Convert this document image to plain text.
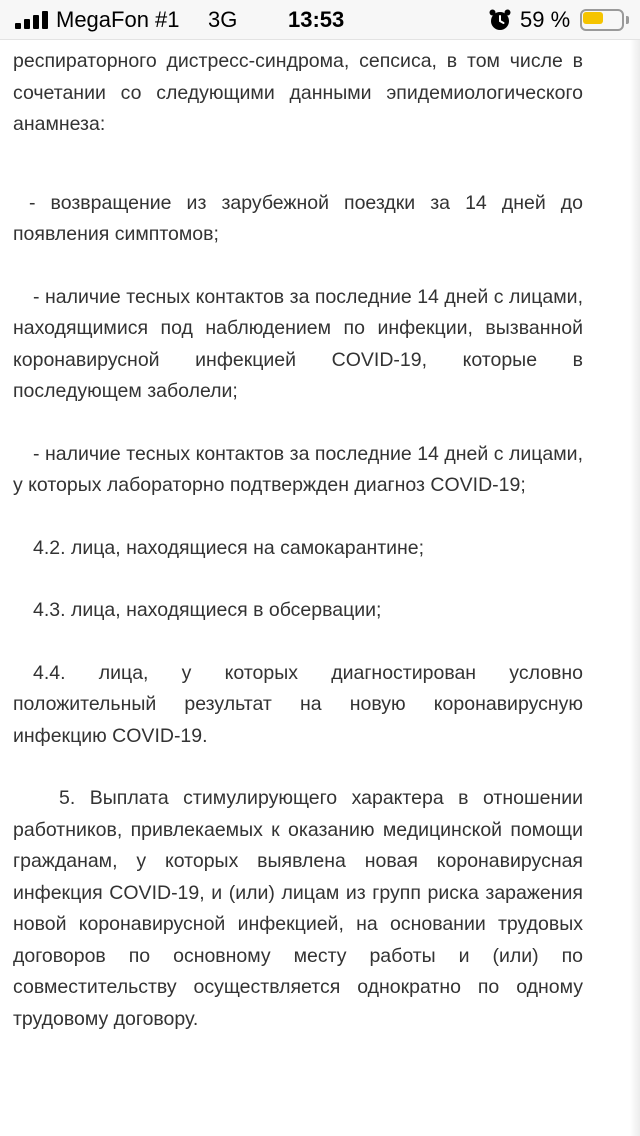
MegaFon #1 3G 13:53	59 %

респираторного дистресс-синдрома, сепсиса, в том числе в сочетании со следующими данными эпидемиологического анамнеза:

- возвращение из зарубежной поездки за 14 дней до появления симптомов;

- наличие тесных контактов за последние 14 дней с лицами, находящимися под наблюдением по инфекции, вызванной коронавирусной инфекцией COVID-19, которые в последующем заболели;

- наличие тесных контактов за последние 14 дней с лицами, у которых лабораторно подтвержден диагноз COVID-19;

4.2. лица, находящиеся на самокарантине;

4.3. лица, находящиеся в обсервации;

4.4. лица, у которых диагностирован условно положительный результат на новую коронавирусную инфекцию COVID-19.

5. Выплата стимулирующего характера в отношении работников, привлекаемых к оказанию медицинской помощи гражданам, у которых выявлена новая коронавирусная инфекция COVID-19, и (или) лицам из групп риска заражения новой коронавирусной инфекцией, на основании трудовых договоров по основному месту работы и (или) по совместительству осуществляется однократно по одному трудовому договору.
